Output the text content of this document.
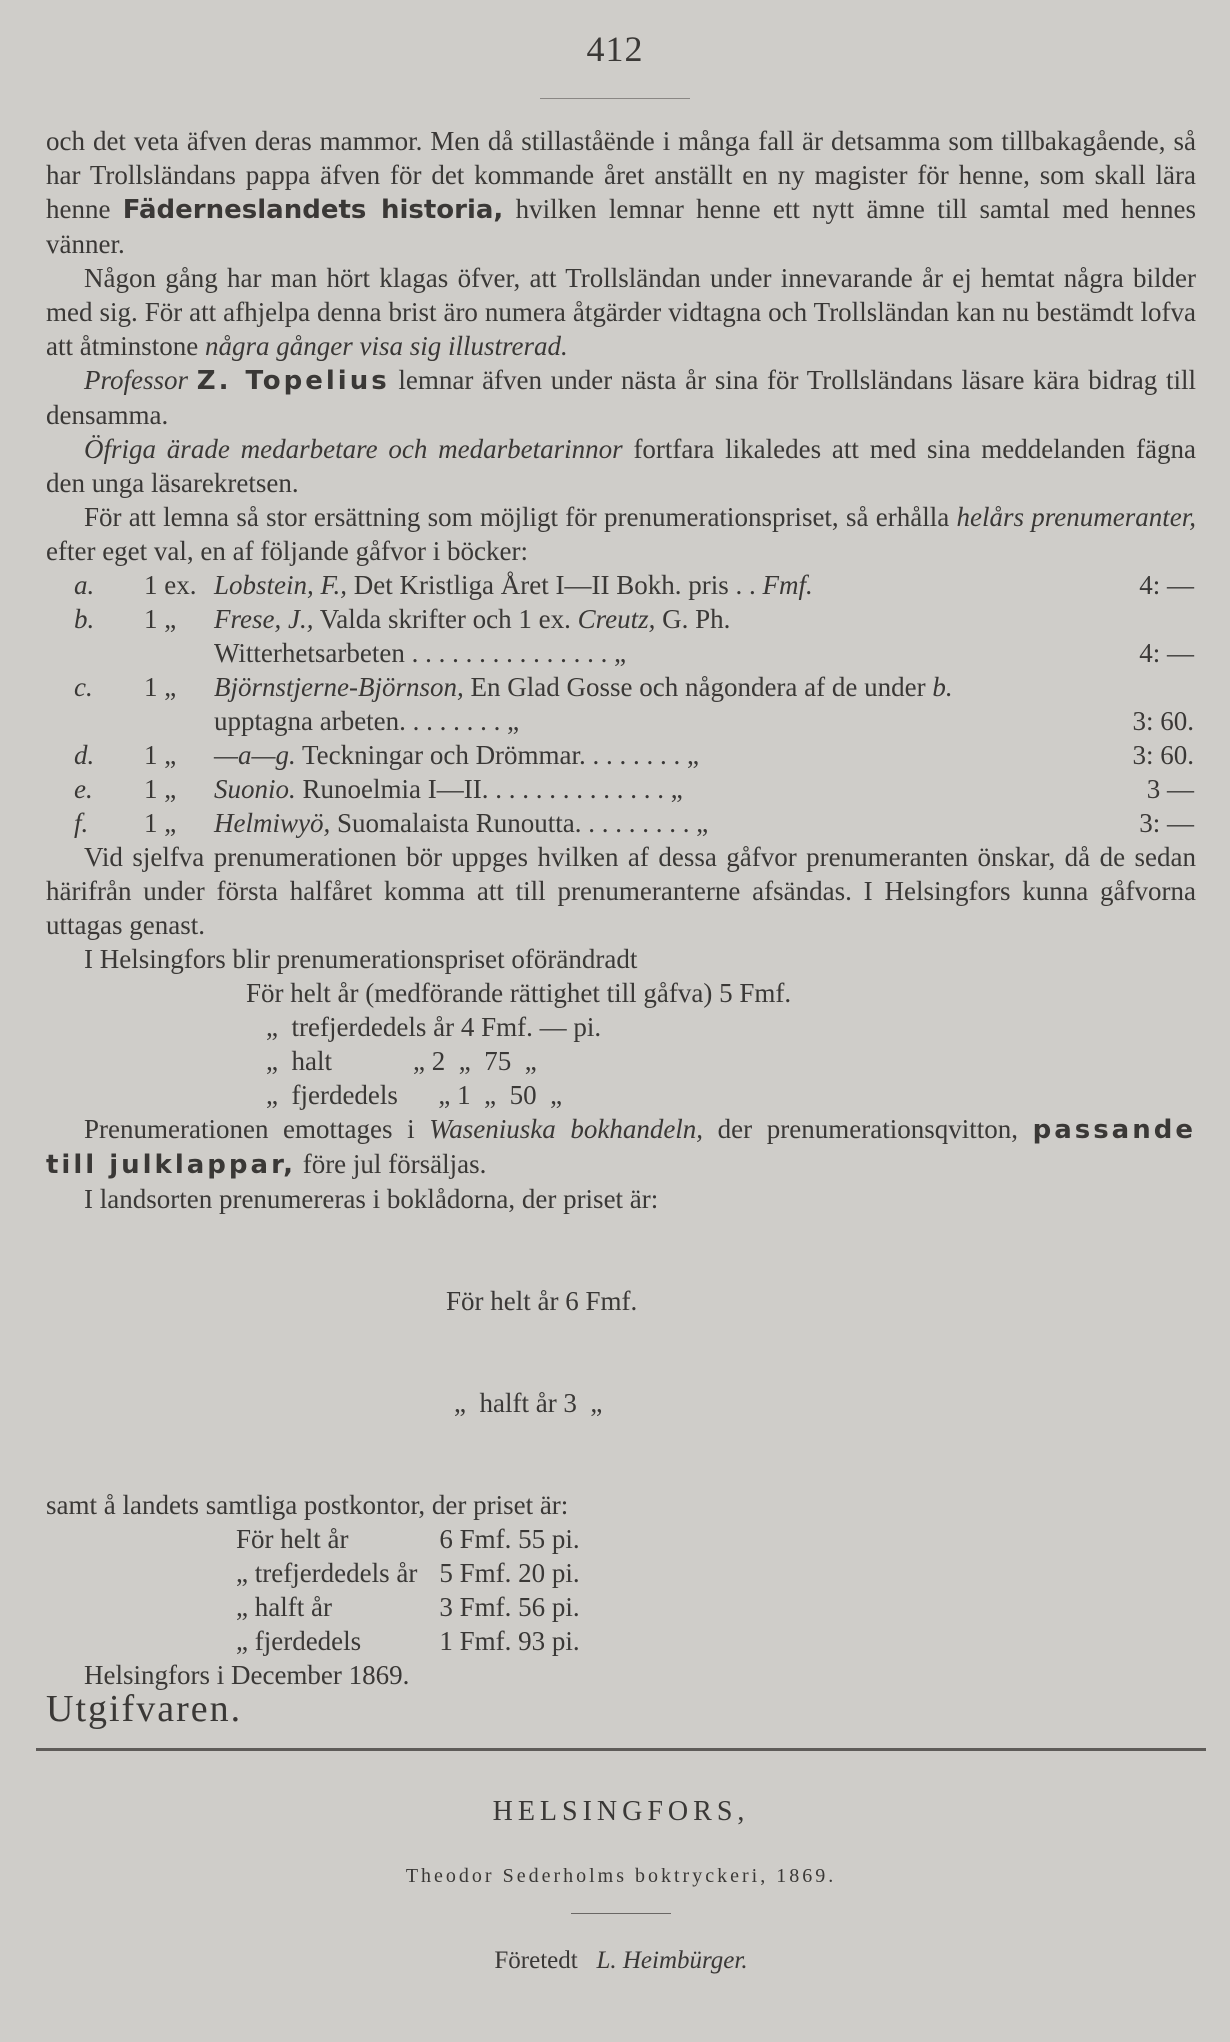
412

och det veta äfven deras mammor. Men då stillaståënde i många fall är detsamma som tillbakagående, så har Trollsländans pappa äfven för det kommande året anställt en ny magister för henne, som skall lära henne Fäderneslandets historia, hvilken lemnar henne ett nytt ämne till samtal med hennes vänner.

Någon gång har man hört klagas öfver, att Trollsländan under innevarande år ej hemtat några bilder med sig. För att afhjelpa denna brist äro numera åtgärder vidtagna och Trollsländan kan nu bestämdt lofva att åtminstone några gånger visa sig illustrerad.

Professor Z. Topelius lemnar äfven under nästa år sina för Trollsländans läsare kära bidrag till densamma.

Öfriga ärade medarbetare och medarbetarinnor fortfara likaledes att med sina meddelanden fägna den unga läsarekretsen.

För att lemna så stor ersättning som möjligt för prenumerationspriset, så erhålla helårs prenumeranter, efter eget val, en af följande gåfvor i böcker:

a.	1 ex.	Lobstein, F., Det Kristliga Året I—II Bokh. pris . . Fmf.	4: —
b.	1 „	Frese, J., Valda skrifter och 1 ex. Creutz, G. Ph.	
		Witterhetsarbeten . . . . . . . . . . . . . . . „	4: —
c.	1 „	Björnstjerne-Björnson, En Glad Gosse och någondera af de under b. upptagna arbeten. . . . . . . . „	3: 60.
d.	1 „	—a—g. Teckningar och Drömmar. . . . . . . . „	3: 60.
e.	1 „	Suonio. Runoelmia I—II. . . . . . . . . . . . . . „	3 —
f.	1 „	Helmiwyö, Suomalaista Runoutta. . . . . . . . . „	3: —

Vid sjelfva prenumerationen bör uppges hvilken af dessa gåfvor prenumeranten önskar, då de sedan härifrån under första halfåret komma att till prenumeranterne afsändas. I Helsingfors kunna gåfvorna uttagas genast.

I Helsingfors blir prenumerationspriset oförändradt

För helt år (medförande rättighet till gåfva) 5 Fmf.
„  trefjerdedels år 4 Fmf. — pi.
„  halt            „ 2  „  75  „
„  fjerdedels      „ 1  „  50  „

Prenumerationen emottages i Waseniuska bokhandeln, der prenumerationsqvitton, passande till julklappar, före jul försäljas.

I landsorten prenumereras i boklådorna, der priset är:

För helt år 6 Fmf.

„  halft år 3  „

samt å landets samtliga postkontor, der priset är:

För helt år	6 Fmf. 55 pi.
„ trefjerdedels år	5 Fmf. 20 pi.
„ halft år	3 Fmf. 56 pi.
„ fjerdedels	1 Fmf. 93 pi.

Helsingfors i December 1869.

Utgifvaren.

HELSINGFORS,
Theodor Sederholms boktryckeri, 1869.
Företedt L. Heimbürger.
